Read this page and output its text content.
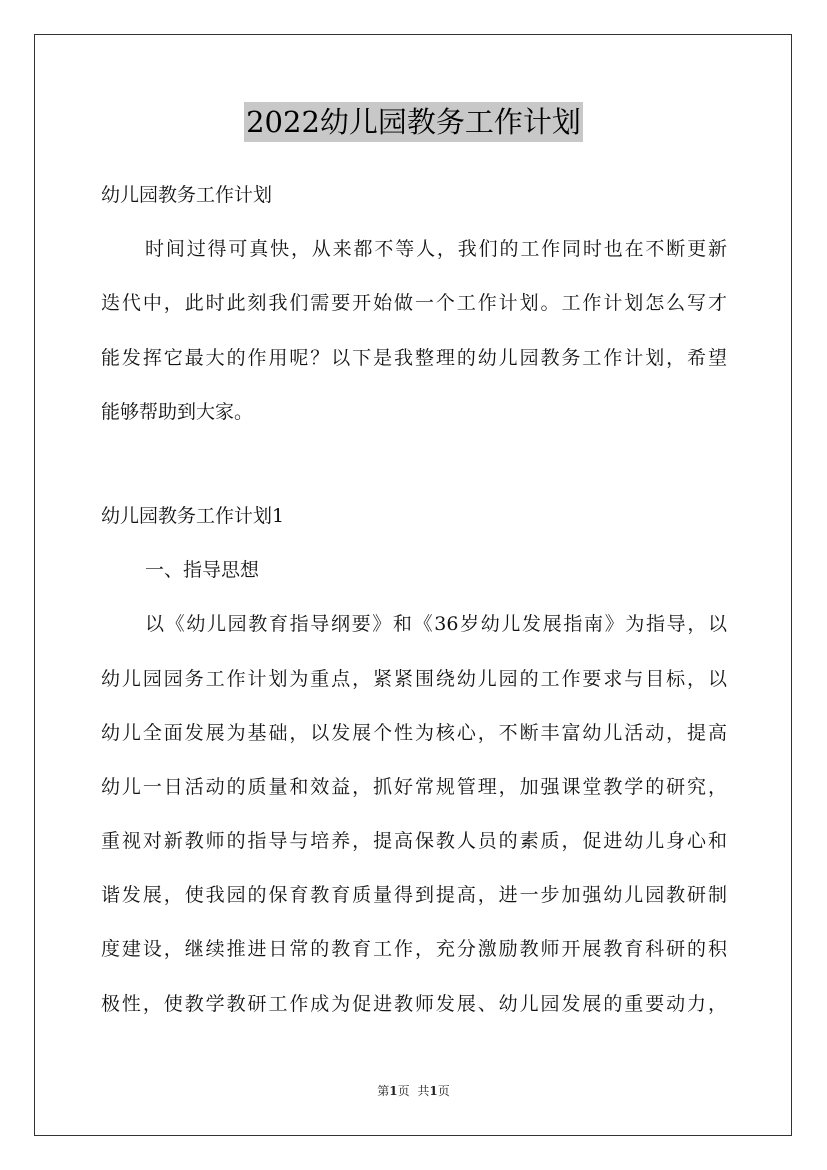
2022幼儿园教务工作计划
幼儿园教务工作计划
时间过得可真快，从来都不等人，我们的工作同时也在不断更新
迭代中，此时此刻我们需要开始做一个工作计划。工作计划怎么写才
能发挥它最大的作用呢？以下是我整理的幼儿园教务工作计划，希望
能够帮助到大家。
幼儿园教务工作计划1
一、指导思想
以《幼儿园教育指导纲要》和《36岁幼儿发展指南》为指导，以
幼儿园园务工作计划为重点，紧紧围绕幼儿园的工作要求与目标，以
幼儿全面发展为基础，以发展个性为核心，不断丰富幼儿活动，提高
幼儿一日活动的质量和效益，抓好常规管理，加强课堂教学的研究，
重视对新教师的指导与培养，提高保教人员的素质，促进幼儿身心和
谐发展，使我园的保育教育质量得到提高，进一步加强幼儿园教研制
度建设，继续推进日常的教育工作，充分激励教师开展教育科研的积
极性，使教学教研工作成为促进教师发展、幼儿园发展的重要动力，
第1页 共1页
